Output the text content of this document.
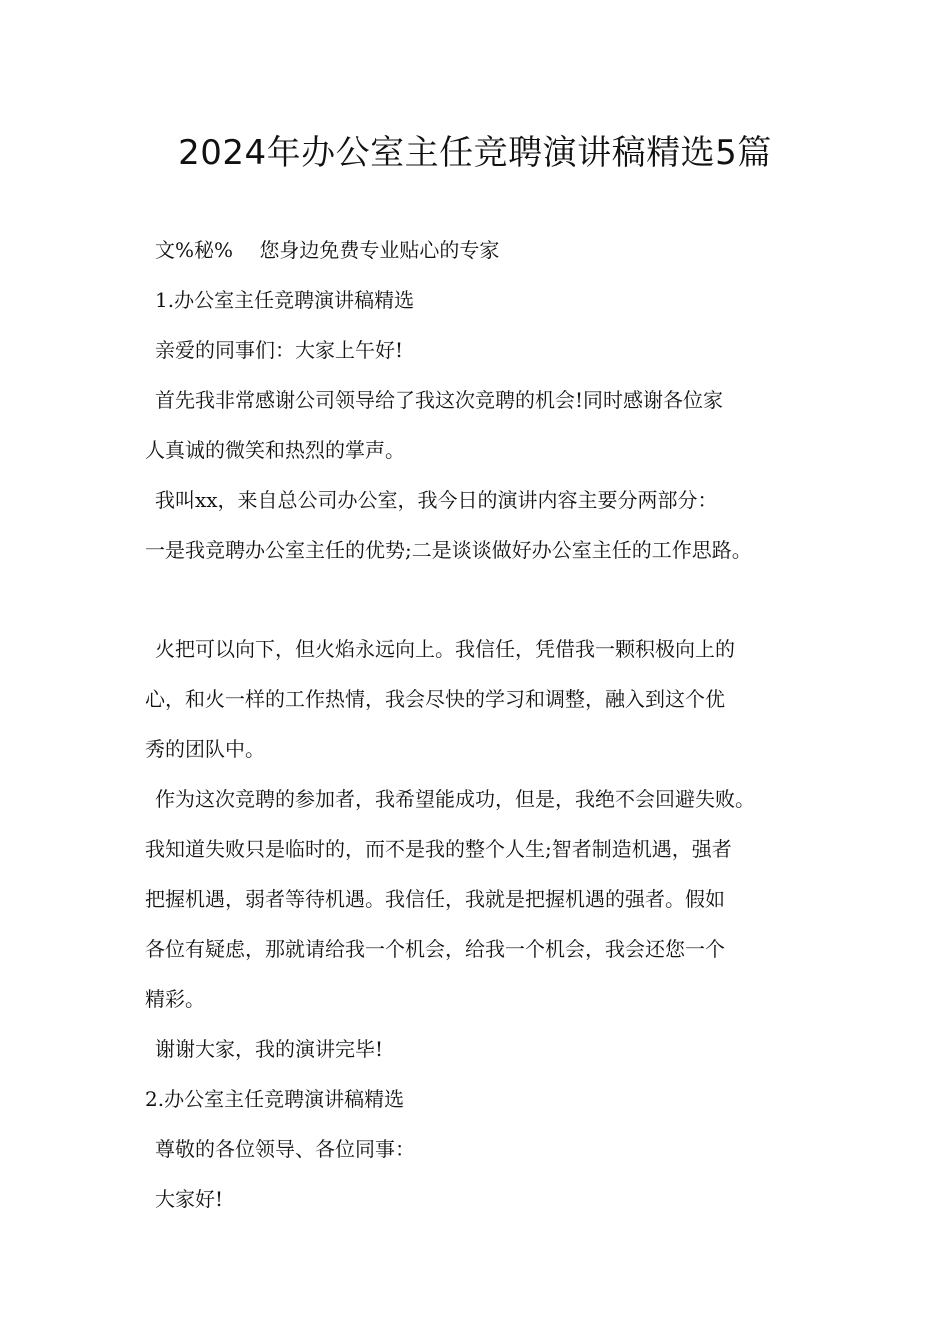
2024年办公室主任竞聘演讲稿精选5篇
文%秘%　 您身边免费专业贴心的专家
1.办公室主任竞聘演讲稿精选
亲爱的同事们：大家上午好!
首先我非常感谢公司领导给了我这次竞聘的机会!同时感谢各位家
人真诚的微笑和热烈的掌声。
我叫xx，来自总公司办公室，我今日的演讲内容主要分两部分：
一是我竞聘办公室主任的优势;二是谈谈做好办公室主任的工作思路。
火把可以向下，但火焰永远向上。我信任，凭借我一颗积极向上的
心，和火一样的工作热情，我会尽快的学习和调整，融入到这个优
秀的团队中。
作为这次竞聘的参加者，我希望能成功，但是，我绝不会回避失败。
我知道失败只是临时的，而不是我的整个人生;智者制造机遇，强者
把握机遇，弱者等待机遇。我信任，我就是把握机遇的强者。假如
各位有疑虑，那就请给我一个机会，给我一个机会，我会还您一个
精彩。
谢谢大家，我的演讲完毕!
2.办公室主任竞聘演讲稿精选
尊敬的各位领导、各位同事：
大家好!
